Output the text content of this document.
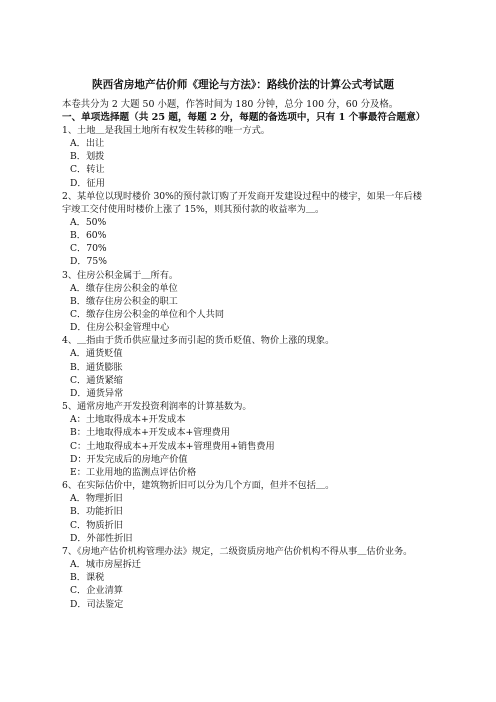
陕西省房地产估价师《理论与方法》：路线价法的计算公式考试题
本卷共分为 2 大题 50 小题，作答时间为 180 分钟，总分 100 分，60 分及格。
一、单项选择题（共 25 题，每题 2 分，每题的备选项中，只有 1 个事最符合题意）
1、土地＿是我国土地所有权发生转移的唯一方式。
A．出让
B．划拨
C．转让
D．征用
2、某单位以现时楼价 30%的预付款订购了开发商开发建设过程中的楼宇，如果一年后楼宇竣工交付使用时楼价上涨了 15%，则其预付款的收益率为＿。
A．50%
B．60%
C．70%
D．75%
3、住房公积金属于＿所有。
A．缴存住房公积金的单位
B．缴存住房公积金的职工
C．缴存住房公积金的单位和个人共同
D．住房公积金管理中心
4、＿指由于货币供应量过多而引起的货币贬值、物价上涨的现象。
A．通货贬值
B．通货膨胀
C．通货紧缩
D．通货异常
5、通常房地产开发投资利润率的计算基数为。
A：土地取得成本+开发成本
B：土地取得成本+开发成本+管理费用
C：土地取得成本+开发成本+管理费用+销售费用
D：开发完成后的房地产价值
E：工业用地的监测点评估价格
6、在实际估价中，建筑物折旧可以分为几个方面，但并不包括＿。
A．物理折旧
B．功能折旧
C．物质折旧
D．外部性折旧
7、《房地产估价机构管理办法》规定，二级资质房地产估价机构不得从事＿估价业务。
A．城市房屋拆迁
B．课税
C．企业清算
D．司法鉴定
